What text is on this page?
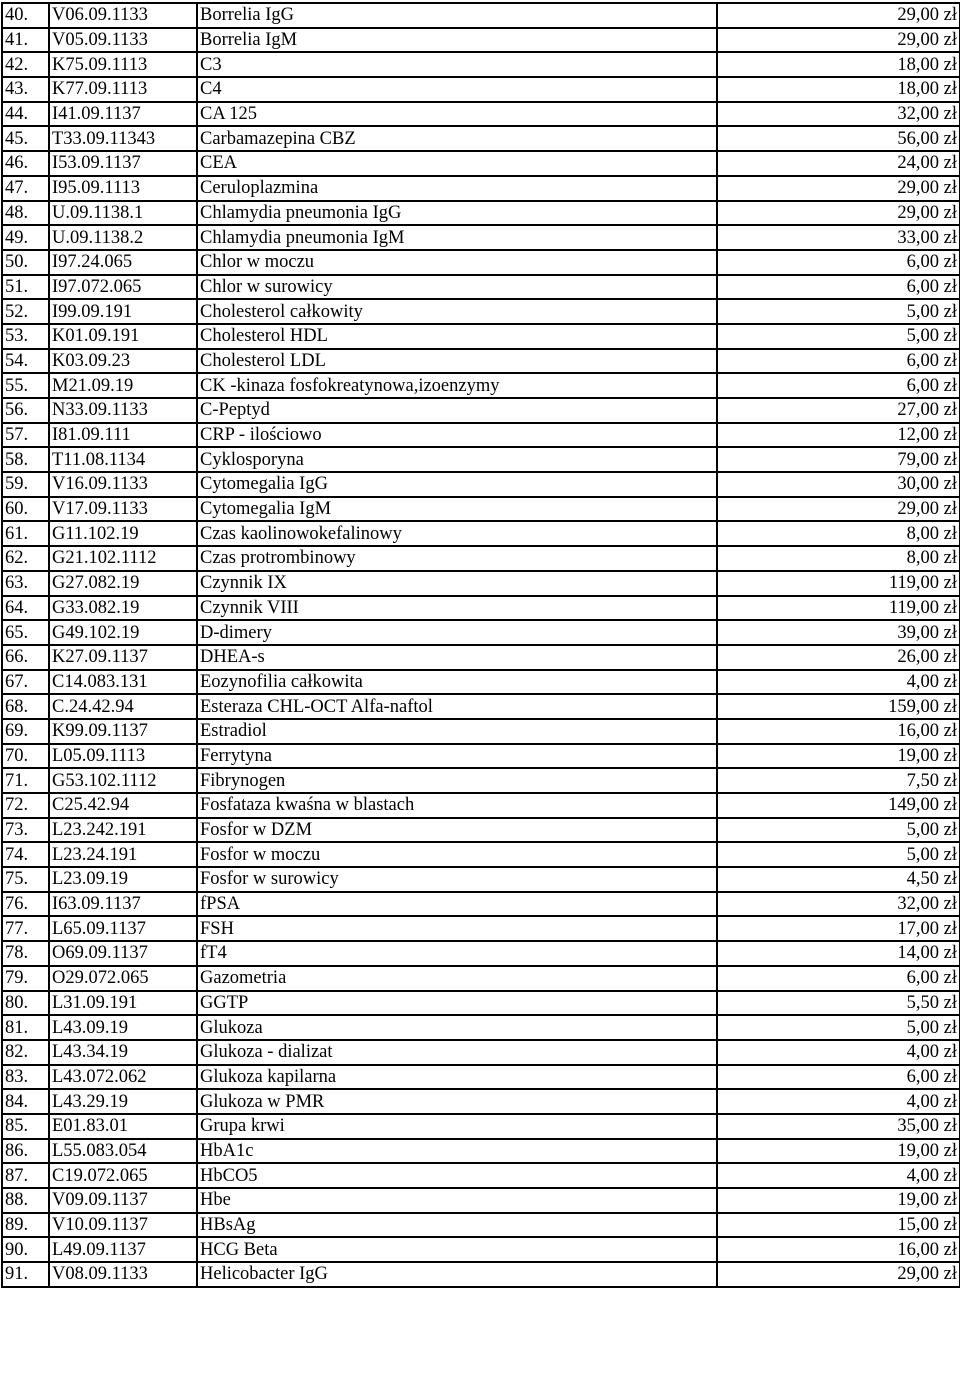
40.	V06.09.1133	Borrelia IgG	29,00 zł
41.	V05.09.1133	Borrelia IgM	29,00 zł
42.	K75.09.1113	C3	18,00 zł
43.	K77.09.1113	C4	18,00 zł
44.	I41.09.1137	CA 125	32,00 zł
45.	T33.09.11343	Carbamazepina CBZ	56,00 zł
46.	I53.09.1137	CEA	24,00 zł
47.	I95.09.1113	Ceruloplazmina	29,00 zł
48.	U.09.1138.1	Chlamydia pneumonia IgG	29,00 zł
49.	U.09.1138.2	Chlamydia pneumonia IgM	33,00 zł
50.	I97.24.065	Chlor w moczu	6,00 zł
51.	I97.072.065	Chlor w surowicy	6,00 zł
52.	I99.09.191	Cholesterol całkowity	5,00 zł
53.	K01.09.191	Cholesterol HDL	5,00 zł
54.	K03.09.23	Cholesterol LDL	6,00 zł
55.	M21.09.19	CK -kinaza fosfokreatynowa,izoenzymy	6,00 zł
56.	N33.09.1133	C-Peptyd	27,00 zł
57.	I81.09.111	CRP - ilościowo	12,00 zł
58.	T11.08.1134	Cyklosporyna	79,00 zł
59.	V16.09.1133	Cytomegalia IgG	30,00 zł
60.	V17.09.1133	Cytomegalia IgM	29,00 zł
61.	G11.102.19	Czas kaolinowokefalinowy	8,00 zł
62.	G21.102.1112	Czas protrombinowy	8,00 zł
63.	G27.082.19	Czynnik IX	119,00 zł
64.	G33.082.19	Czynnik VIII	119,00 zł
65.	G49.102.19	D-dimery	39,00 zł
66.	K27.09.1137	DHEA-s	26,00 zł
67.	C14.083.131	Eozynofilia całkowita	4,00 zł
68.	C.24.42.94	Esteraza CHL-OCT Alfa-naftol	159,00 zł
69.	K99.09.1137	Estradiol	16,00 zł
70.	L05.09.1113	Ferrytyna	19,00 zł
71.	G53.102.1112	Fibrynogen	7,50 zł
72.	C25.42.94	Fosfataza kwaśna w blastach	149,00 zł
73.	L23.242.191	Fosfor w DZM	5,00 zł
74.	L23.24.191	Fosfor w moczu	5,00 zł
75.	L23.09.19	Fosfor w surowicy	4,50 zł
76.	I63.09.1137	fPSA	32,00 zł
77.	L65.09.1137	FSH	17,00 zł
78.	O69.09.1137	fT4	14,00 zł
79.	O29.072.065	Gazometria	6,00 zł
80.	L31.09.191	GGTP	5,50 zł
81.	L43.09.19	Glukoza	5,00 zł
82.	L43.34.19	Glukoza - dializat	4,00 zł
83.	L43.072.062	Glukoza kapilarna	6,00 zł
84.	L43.29.19	Glukoza w PMR	4,00 zł
85.	E01.83.01	Grupa krwi	35,00 zł
86.	L55.083.054	HbA1c	19,00 zł
87.	C19.072.065	HbCO5	4,00 zł
88.	V09.09.1137	Hbe	19,00 zł
89.	V10.09.1137	HBsAg	15,00 zł
90.	L49.09.1137	HCG Beta	16,00 zł
91.	V08.09.1133	Helicobacter IgG	29,00 zł
